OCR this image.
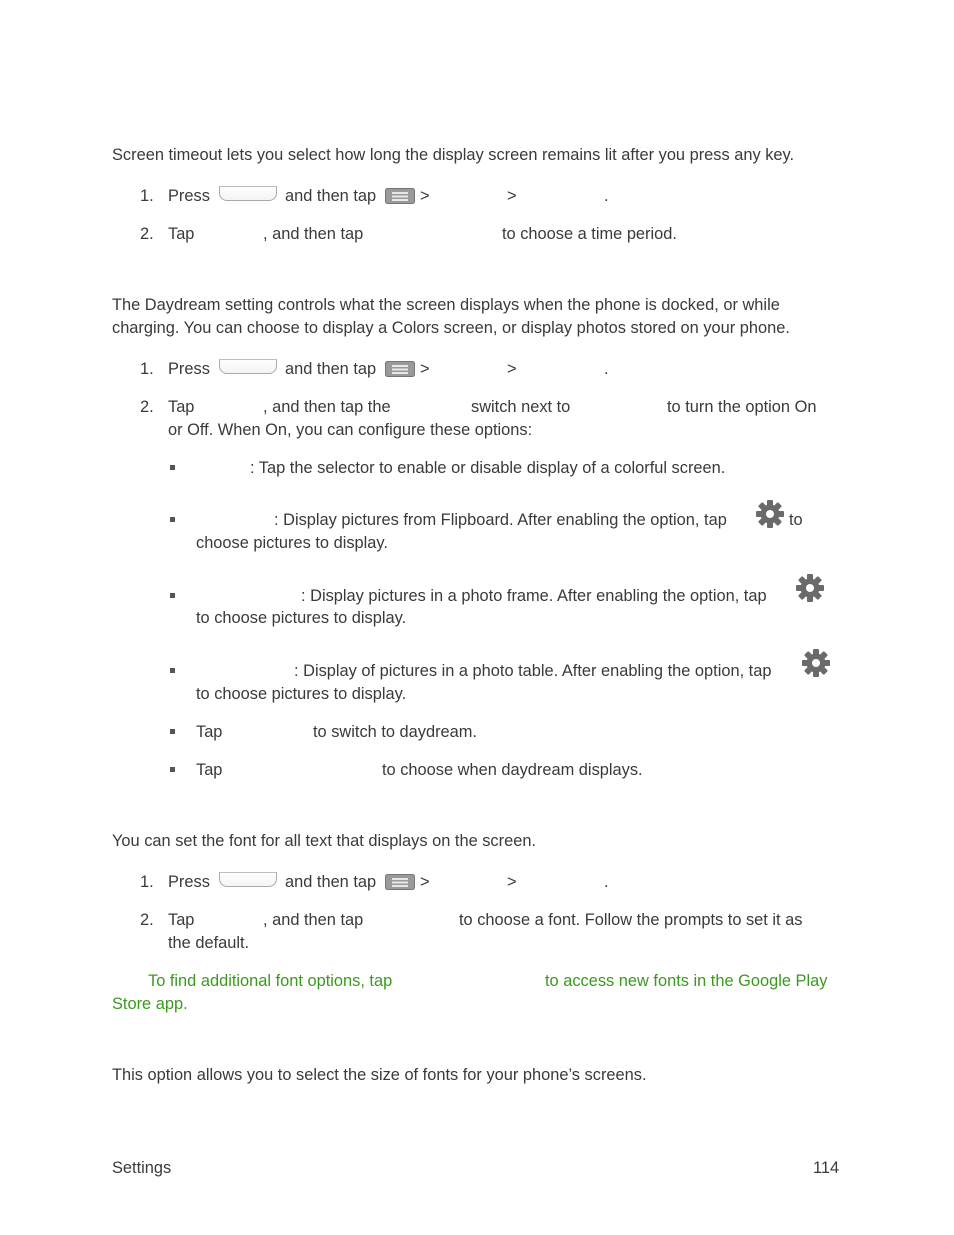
Screen timeout lets you select how long the display screen remains lit after you press any key.
1. Press	and then tap	>	>	.
2. Tap	, and then tap	to choose a time period.
The Daydream setting controls what the screen displays when the phone is docked, or while
charging. You can choose to display a Colors screen, or display photos stored on your phone.
1. Press	and then tap	>	>	.
2. Tap	, and then tap the	switch next to	to turn the option On
or Off. When On, you can configure these options:
: Tap the selector to enable or disable display of a colorful screen.
: Display pictures from Flipboard. After enabling the option, tap	to
choose pictures to display.
: Display pictures in a photo frame. After enabling the option, tap
to choose pictures to display.
: Display of pictures in a photo table. After enabling the option, tap
to choose pictures to display.
Tap	to switch to daydream.
Tap	to choose when daydream displays.
You can set the font for all text that displays on the screen.
1. Press	and then tap	>	>	.
2. Tap	, and then tap	to choose a font. Follow the prompts to set it as
the default.
To find additional font options, tap	to access new fonts in the Google Play
Store app.
This option allows you to select the size of fonts for your phone’s screens.
Settings	114
